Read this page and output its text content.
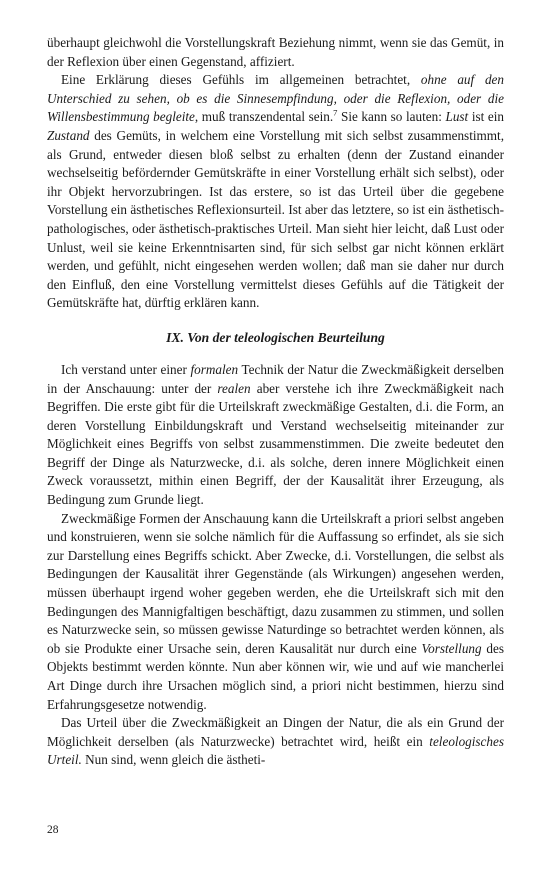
überhaupt gleichwohl die Vorstellungskraft Beziehung nimmt, wenn sie das Gemüt, in der Reflexion über einen Gegenstand, affiziert.

Eine Erklärung dieses Gefühls im allgemeinen betrachtet, ohne auf den Unterschied zu sehen, ob es die Sinnesempfindung, oder die Reflexion, oder die Willensbestimmung begleite, muß transzendental sein.$^7$ Sie kann so lauten: Lust ist ein Zustand des Gemüts, in welchem eine Vorstellung mit sich selbst zusammenstimmt, als Grund, entweder diesen bloß selbst zu erhalten (denn der Zustand einander wechselseitig befördernder Gemütskräfte in einer Vorstellung erhält sich selbst), oder ihr Objekt hervorzubringen. Ist das erstere, so ist das Urteil über die gegebene Vorstellung ein ästhetisches Reflexionsurteil. Ist aber das letztere, so ist ein ästhetisch-pathologisches, oder ästhetisch-praktisches Urteil. Man sieht hier leicht, daß Lust oder Unlust, weil sie keine Erkenntnisarten sind, für sich selbst gar nicht können erklärt werden, und gefühlt, nicht eingesehen werden wollen; daß man sie daher nur durch den Einfluß, den eine Vorstellung vermittelst dieses Gefühls auf die Tätigkeit der Gemütskräfte hat, dürftig erklären kann.

IX. Von der teleologischen Beurteilung

Ich verstand unter einer formalen Technik der Natur die Zweckmäßigkeit derselben in der Anschauung: unter der realen aber verstehe ich ihre Zweckmäßigkeit nach Begriffen. Die erste gibt für die Urteilskraft zweckmäßige Gestalten, d.i. die Form, an deren Vorstellung Einbildungskraft und Verstand wechselseitig miteinander zur Möglichkeit eines Begriffs von selbst zusammenstimmen. Die zweite bedeutet den Begriff der Dinge als Naturzwecke, d.i. als solche, deren innere Möglichkeit einen Zweck voraussetzt, mithin einen Begriff, der der Kausalität ihrer Erzeugung, als Bedingung zum Grunde liegt.

Zweckmäßige Formen der Anschauung kann die Urteilskraft a priori selbst angeben und konstruieren, wenn sie solche nämlich für die Auffassung so erfindet, als sie sich zur Darstellung eines Begriffs schickt. Aber Zwecke, d.i. Vorstellungen, die selbst als Bedingungen der Kausalität ihrer Gegenstände (als Wirkungen) angesehen werden, müssen überhaupt irgend woher gegeben werden, ehe die Urteilskraft sich mit den Bedingungen des Mannigfaltigen beschäftigt, dazu zusammen zu stimmen, und sollen es Naturzwecke sein, so müssen gewisse Naturdinge so betrachtet werden können, als ob sie Produkte einer Ursache sein, deren Kausalität nur durch eine Vorstellung des Objekts bestimmt werden könnte. Nun aber können wir, wie und auf wie mancherlei Art Dinge durch ihre Ursachen möglich sind, a priori nicht bestimmen, hierzu sind Erfahrungsgesetze notwendig.

Das Urteil über die Zweckmäßigkeit an Dingen der Natur, die als ein Grund der Möglichkeit derselben (als Naturzwecke) betrachtet wird, heißt ein teleologisches Urteil. Nun sind, wenn gleich die ästheti-

28
